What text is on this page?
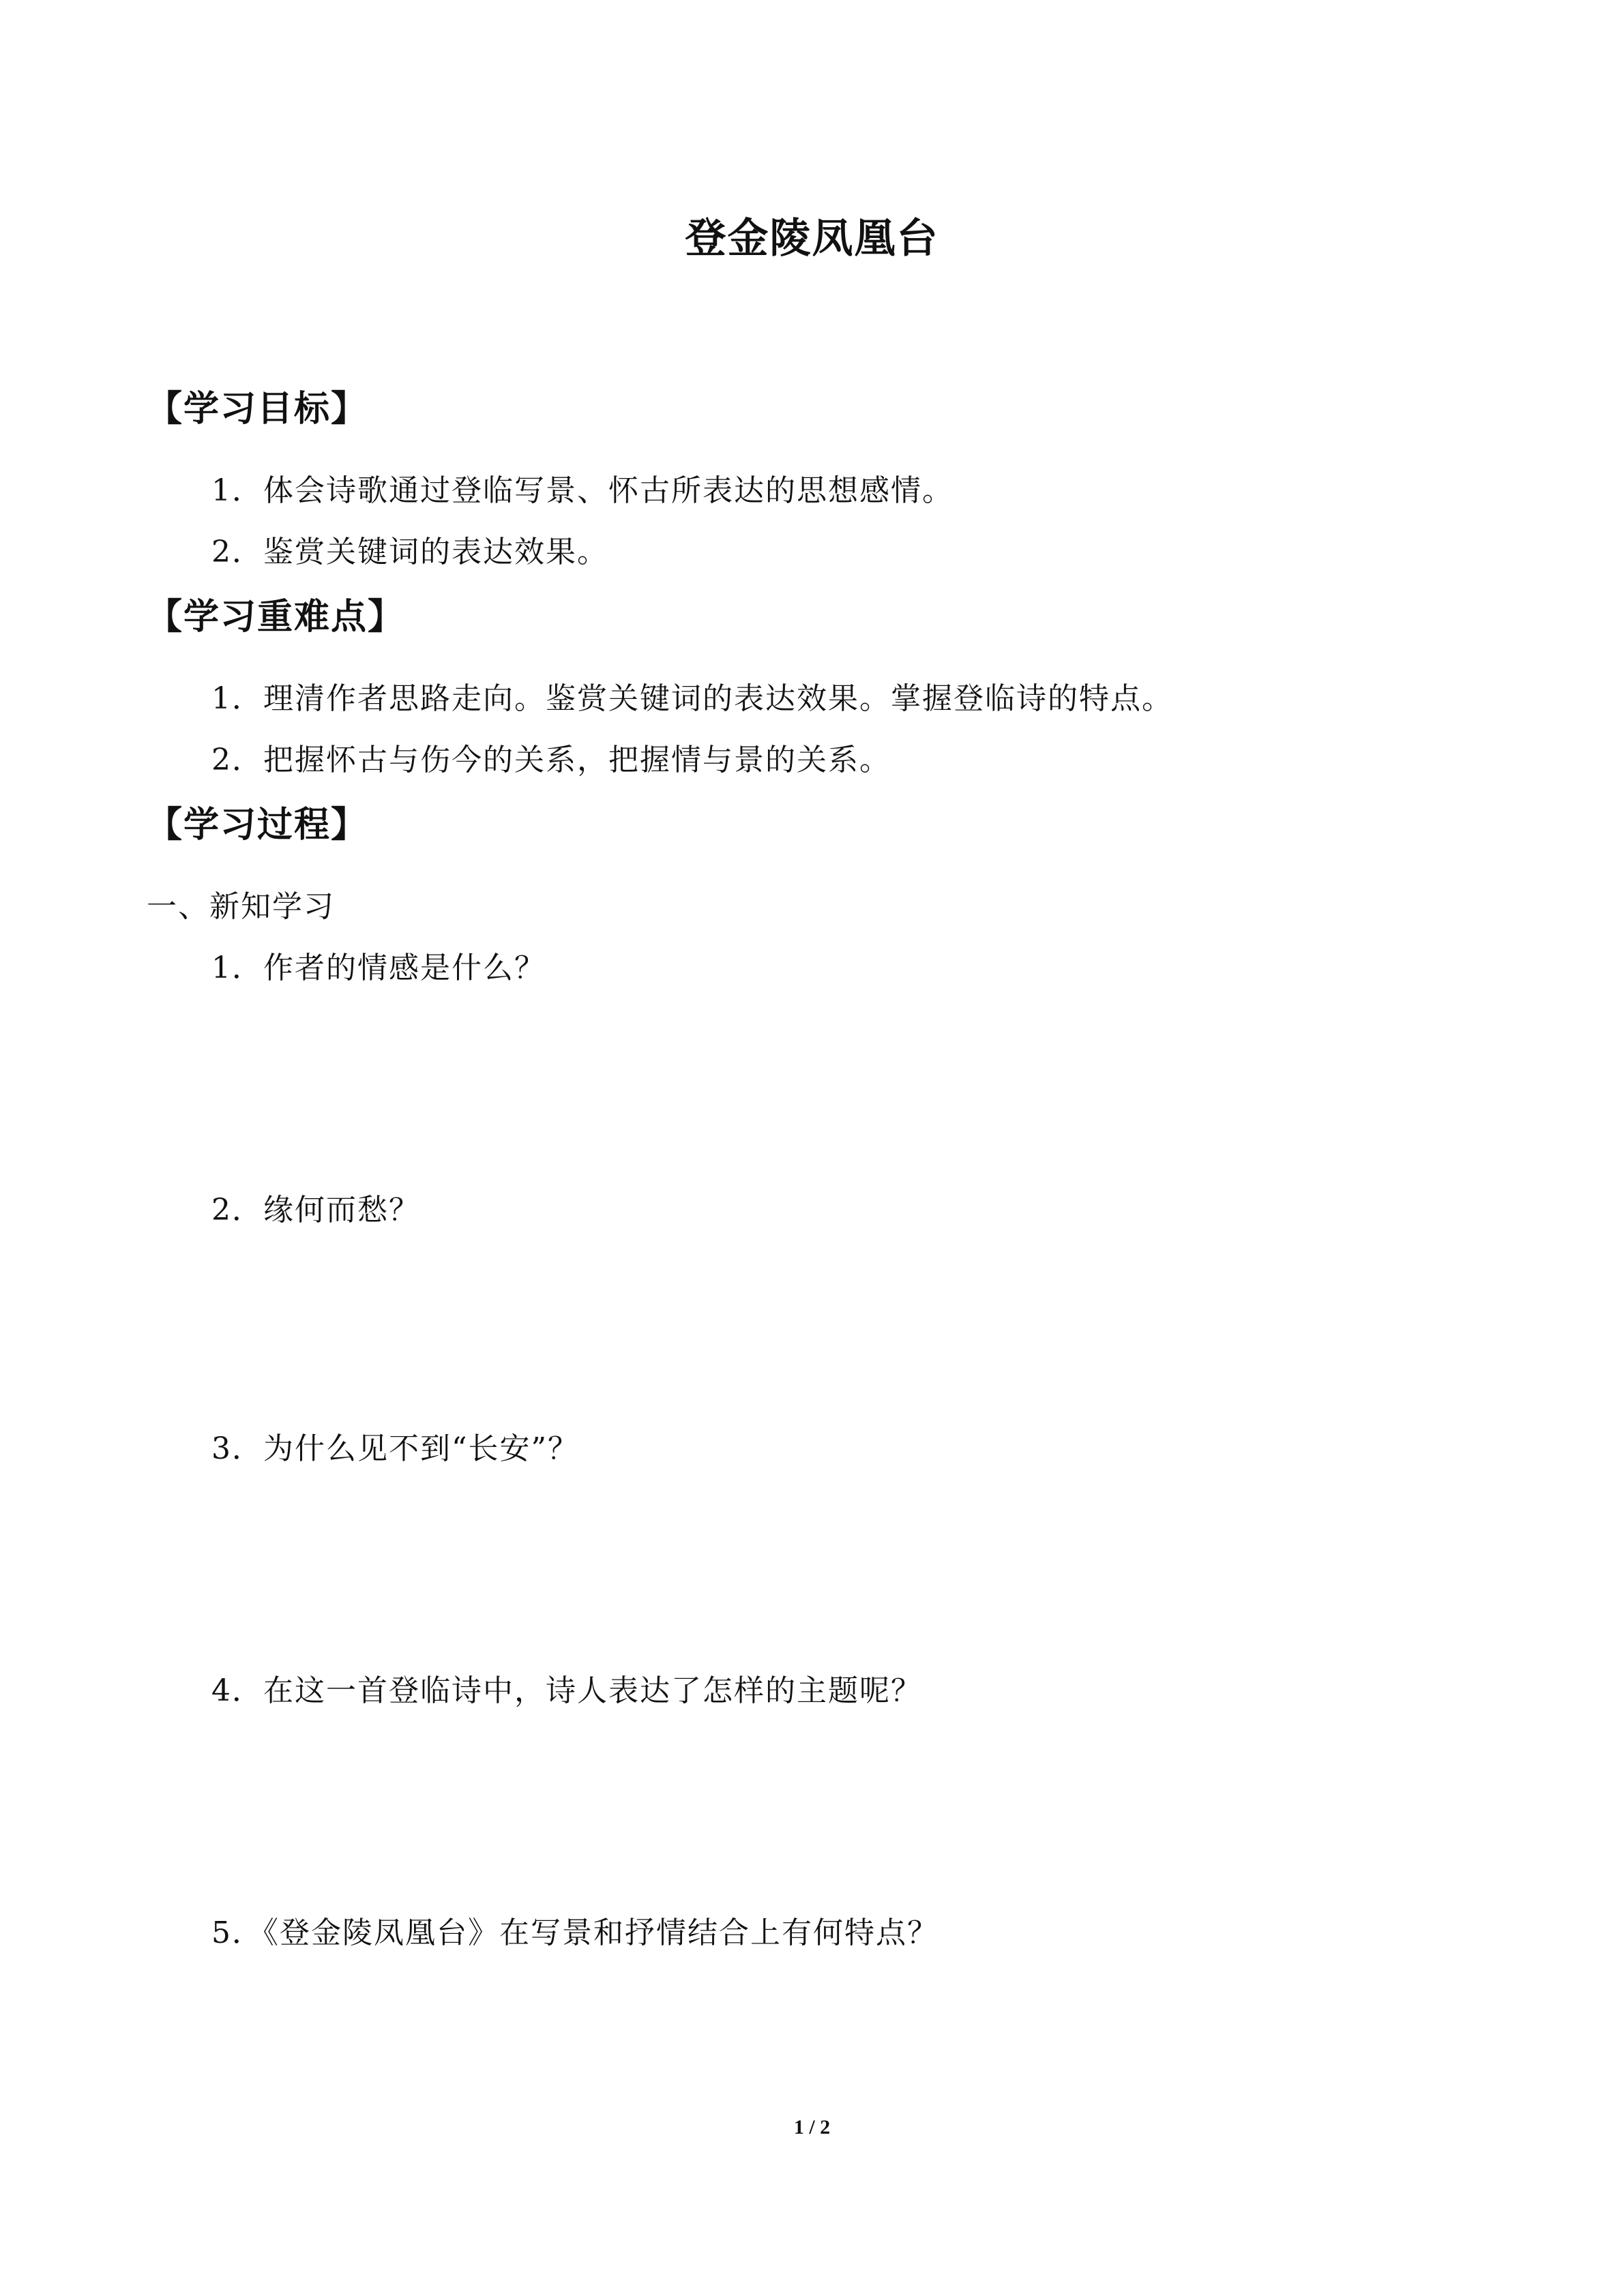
登金陵凤凰台
【学习目标】
1．体会诗歌通过登临写景、怀古所表达的思想感情。
2．鉴赏关键词的表达效果。
【学习重难点】
1．理清作者思路走向。鉴赏关键词的表达效果。掌握登临诗的特点。
2．把握怀古与伤今的关系，把握情与景的关系。
【学习过程】
一、新知学习
1．作者的情感是什么？
2．缘何而愁？
3．为什么见不到“长安”？
4．在这一首登临诗中，诗人表达了怎样的主题呢？
5．《登金陵凤凰台》在写景和抒情结合上有何特点？
1 / 2
